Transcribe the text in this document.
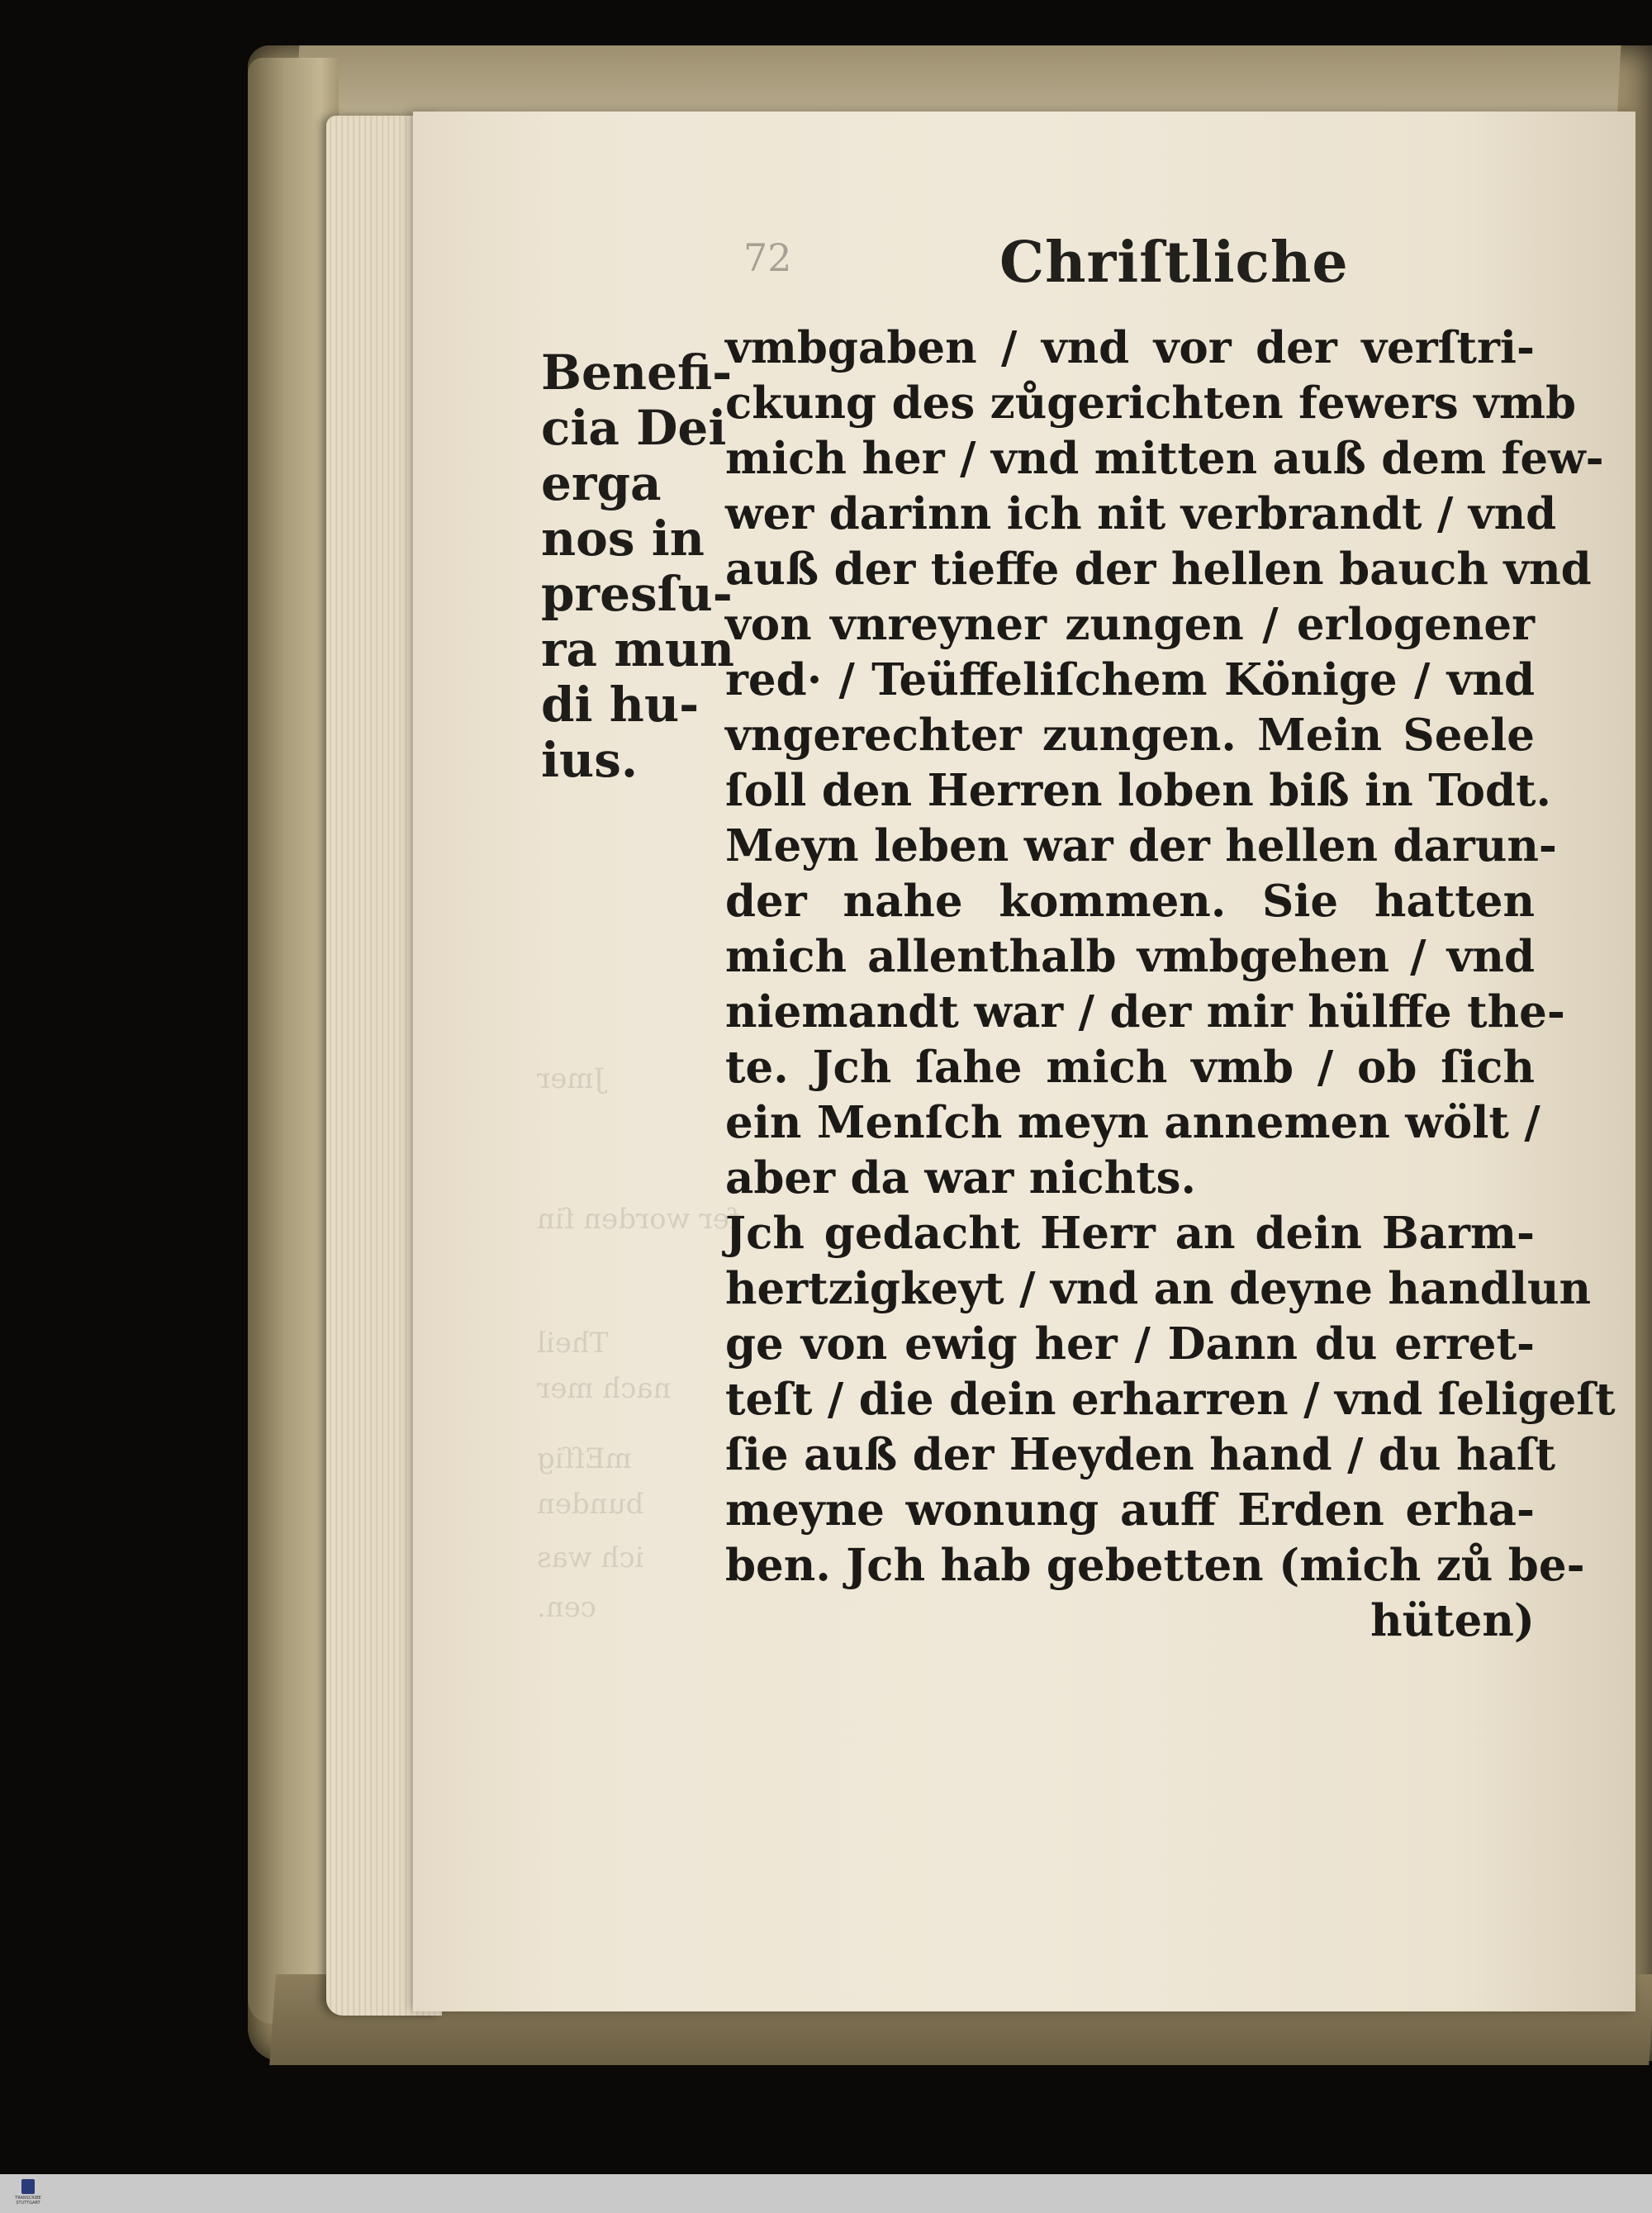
Jmer
fer worden ſin
Theil
nach mer
mEſſig
bunden
ich was
cen.
72	Chriſtliche
Benefi-
cia Dei
erga
nos in
presſu-
ra mun
di hu-
ius.
vmbgaben / vnd vor der verſtri-
ckung des zůgerichten fewers vmb
mich her / vnd mitten auß dem few-
wer darinn ich nit verbrandt / vnd
auß der tieffe der hellen bauch vnd
von vnreyner zungen / erlogener
red· / Teüffeliſchem Könige / vnd
vngerechter zungen. Mein Seele
ſoll den Herren loben biß in Todt.
Meyn leben war der hellen darun-
der nahe kommen. Sie hatten
mich allenthalb vmbgehen / vnd
niemandt war / der mir hülffe the-
te. Jch ſahe mich vmb / ob ſich
ein Menſch meyn annemen wölt /
aber da war nichts.
Jch gedacht Herr an dein Barm-
hertzigkeyt / vnd an deyne handlun
ge von ewig her / Dann du erret-
teſt / die dein erharren / vnd ſeligeſt
ſie auß der Heyden hand / du haſt
meyne wonung auff Erden erha-
ben. Jch hab gebetten (mich zů be-
hüten)
TRANSCRIBE
STUTTGART
